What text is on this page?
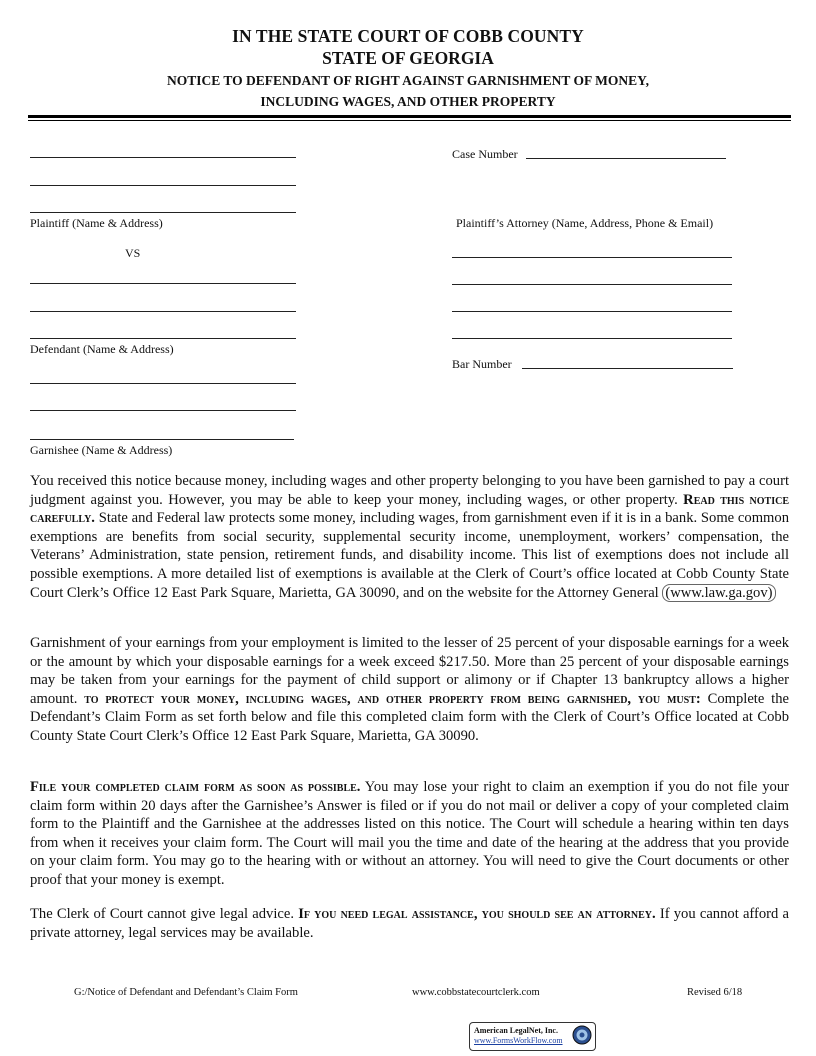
IN THE STATE COURT OF COBB COUNTY
STATE OF GEORGIA
NOTICE TO DEFENDANT OF RIGHT AGAINST GARNISHMENT OF MONEY,
INCLUDING WAGES, AND OTHER PROPERTY
Plaintiff (Name & Address)
VS
Defendant (Name & Address)
Garnishee (Name & Address)
Case Number
Plaintiff’s Attorney (Name, Address, Phone & Email)
Bar Number

You received this notice because money, including wages and other property belonging to you have been garnished to pay a court judgment against you. However, you may be able to keep your money, including wages, or other property. Read this notice carefully. State and Federal law protects some money, including wages, from garnishment even if it is in a bank. Some common exemptions are benefits from social security, supplemental security income, unemployment, workers’ compensation, the Veterans’ Administration, state pension, retirement funds, and disability income. This list of exemptions does not include all possible exemptions. A more detailed list of exemptions is available at the Clerk of Court’s office located at Cobb County State Court Clerk’s Office 12 East Park Square, Marietta, GA 30090, and on the website for the Attorney General (www.law.ga.gov)

Garnishment of your earnings from your employment is limited to the lesser of 25 percent of your disposable earnings for a week or the amount by which your disposable earnings for a week exceed $217.50. More than 25 percent of your disposable earnings may be taken from your earnings for the payment of child support or alimony or if Chapter 13 bankruptcy allows a higher amount. to protect your money, including wages, and other property from being garnished, you must: Complete the Defendant’s Claim Form as set forth below and file this completed claim form with the Clerk of Court’s Office located at Cobb County State Court Clerk’s Office 12 East Park Square, Marietta, GA 30090.

File your completed claim form as soon as possible. You may lose your right to claim an exemption if you do not file your claim form within 20 days after the Garnishee’s Answer is filed or if you do not mail or deliver a copy of your completed claim form to the Plaintiff and the Garnishee at the addresses listed on this notice. The Court will schedule a hearing within ten days from when it receives your claim form. The Court will mail you the time and date of the hearing at the address that you provide on your claim form. You may go to the hearing with or without an attorney. You will need to give the Court documents or other proof that your money is exempt.

The Clerk of Court cannot give legal advice. If you need legal assistance, you should see an attorney. If you cannot afford a private attorney, legal services may be available.

G:/Notice of Defendant and Defendant’s Claim Form	www.cobbstatecourtclerk.com	Revised 6/18
American LegalNet, Inc.
www.FormsWorkFlow.com
